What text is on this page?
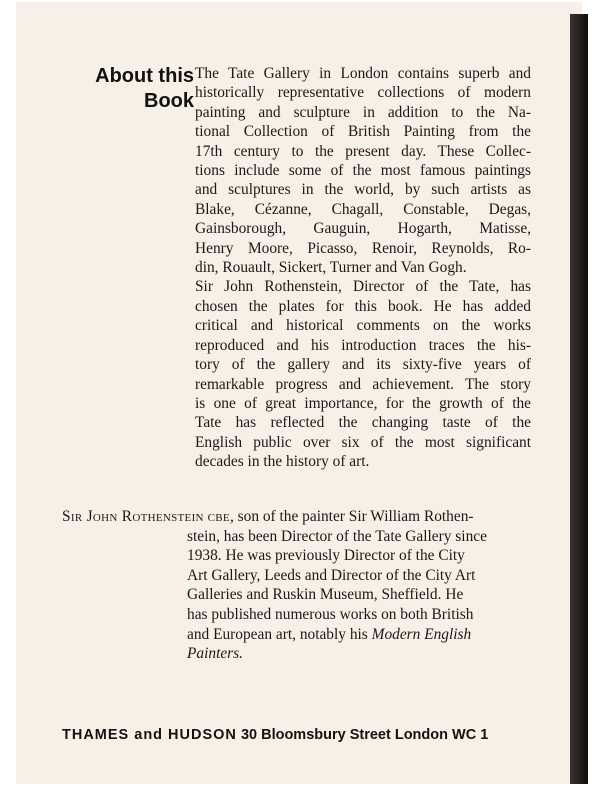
About this
Book

The Tate Gallery in London contains superb and
historically representative collections of modern
painting and sculpture in addition to the Na-
tional Collection of British Painting from the
17th century to the present day. These Collec-
tions include some of the most famous paintings
and sculptures in the world, by such artists as
Blake, Cézanne, Chagall, Constable, Degas,
Gainsborough, Gauguin, Hogarth, Matisse,
Henry Moore, Picasso, Renoir, Reynolds, Ro-
din, Rouault, Sickert, Turner and Van Gogh.
Sir John Rothenstein, Director of the Tate, has
chosen the plates for this book. He has added
critical and historical comments on the works
reproduced and his introduction traces the his-
tory of the gallery and its sixty-five years of
remarkable progress and achievement. The story
is one of great importance, for the growth of the
Tate has reflected the changing taste of the
English public over six of the most significant
decades in the history of art.

Sir John Rothenstein cbe, son of the painter Sir William Rothen-
stein, has been Director of the Tate Gallery since
1938. He was previously Director of the City
Art Gallery, Leeds and Director of the City Art
Galleries and Ruskin Museum, Sheffield. He
has published numerous works on both British
and European art, notably his Modern English
Painters.

THAMES and HUDSON 30 Bloomsbury Street London WC 1
